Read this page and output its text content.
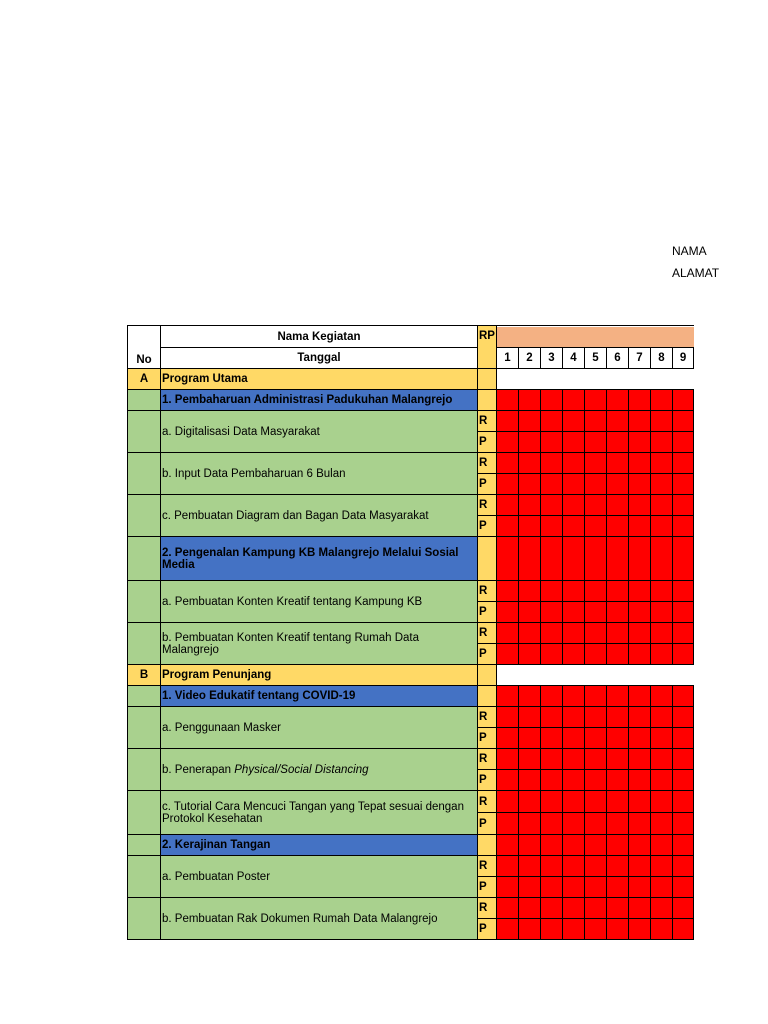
NAMA
ALAMAT
No	Nama Kegiatan	RP									

	Tanggal		1	2	3	4	5	6	7	8	9
A	Program Utama										
	1. Pembaharuan Administrasi Padukuhan Malangrejo										
	a. Digitalisasi Data Masyarakat	R									
		P									
	b. Input Data Pembaharuan 6 Bulan	R									
		P									
	c. Pembuatan Diagram dan Bagan Data Masyarakat	R									
		P									
	2. Pengenalan Kampung KB Malangrejo Melalui Sosial Media										
	a. Pembuatan Konten Kreatif tentang Kampung KB	R									
		P									
	b. Pembuatan Konten Kreatif tentang Rumah Data Malangrejo	R									
		P									
B	Program Penunjang										
	1. Video Edukatif tentang COVID-19										
	a. Penggunaan Masker	R									
		P									
	b. Penerapan Physical/Social Distancing	R									
		P									
	c. Tutorial Cara Mencuci Tangan yang Tepat sesuai dengan Protokol Kesehatan	R									
		P									
	2. Kerajinan Tangan										
	a. Pembuatan Poster	R									
		P									
	b. Pembuatan Rak Dokumen Rumah Data Malangrejo	R									
		P									
